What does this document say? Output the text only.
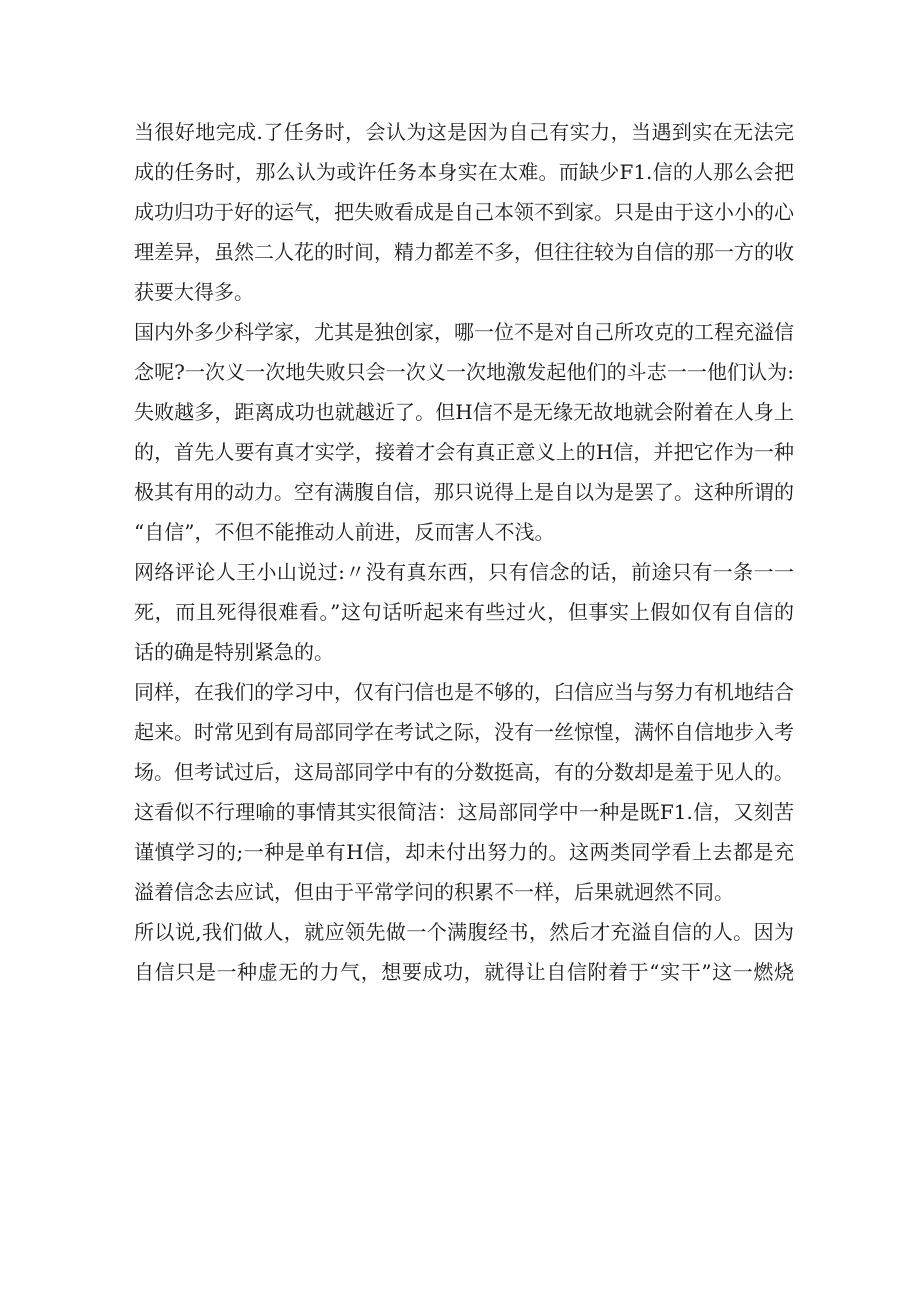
当很好地完成.了任务时，会认为这是因为自己有实力，当遇到实在无法完
成的任务时，那么认为或许任务本身实在太难。而缺少F1.信的人那么会把
成功归功于好的运气，把失败看成是自己本领不到家。只是由于这小小的心
理差异，虽然二人花的时间，精力都差不多，但往往较为自信的那一方的收
获要大得多。
国内外多少科学家，尤其是独创家，哪一位不是对自己所攻克的工程充溢信
念呢?一次义一次地失败只会一次义一次地激发起他们的斗志一一他们认为:
失败越多，距离成功也就越近了。但H信不是无缘无故地就会附着在人身上
的，首先人要有真才实学，接着才会有真正意义上的H信，并把它作为一种
极其有用的动力。空有满腹自信，那只说得上是自以为是罢了。这种所谓的
“自信”，不但不能推动人前进，反而害人不浅。
网络评论人王小山说过:〃没有真东西，只有信念的话，前途只有一条一一
死，而且死得很难看。”这句话听起来有些过火，但事实上假如仅有自信的
话的确是特别紧急的。
同样，在我们的学习中，仅有闩信也是不够的，臼信应当与努力有机地结合
起来。时常见到有局部同学在考试之际，没有一丝惊惶，满怀自信地步入考
场。但考试过后，这局部同学中有的分数挺高，有的分数却是羞于见人的。
这看似不行理喻的事情其实很简洁：这局部同学中一种是既F1.信，又刻苦
谨慎学习的;一种是单有H信，却未付出努力的。这两类同学看上去都是充
溢着信念去应试，但由于平常学问的积累不一样，后果就迥然不同。
所以说,我们做人，就应领先做一个满腹经书，然后才充溢自信的人。因为
自信只是一种虚无的力气，想要成功，就得让自信附着于“实干”这一燃烧
